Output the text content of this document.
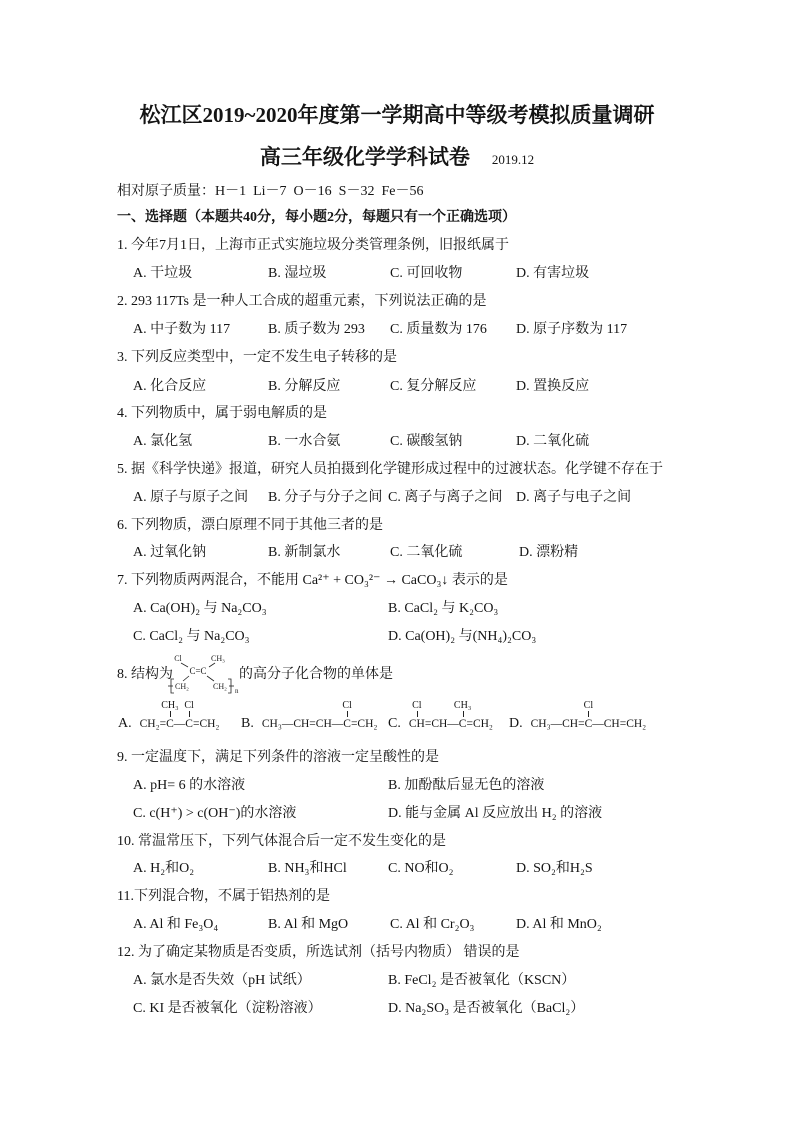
松江区2019~2020年度第一学期高中等级考模拟质量调研
高三年级化学学科试卷 2019.12
相对原子质量：H－1  Li－7  O－16  S－32  Fe－56
一、选择题（本题共40分，每小题2分，每题只有一个正确选项）
1. 今年7月1日，上海市正式实施垃圾分类管理条例，旧报纸属于
A. 干垃圾	B. 湿垃圾	C. 可回收物	D. 有害垃圾
2. 293 117Ts 是一种人工合成的超重元素，下列说法正确的是
A. 中子数为 117	B. 质子数为 293 C. 质量数为 176 D. 原子序数为 117
3. 下列反应类型中，一定不发生电子转移的是
A. 化合反应	B. 分解反应	C. 复分解反应	D. 置换反应
4. 下列物质中，属于弱电解质的是
A. 氯化氢	B. 一水合氨	C. 碳酸氢钠	D. 二氧化硫
5. 据《科学快递》报道，研究人员拍摄到化学键形成过程中的过渡状态。化学键不存在于
A. 原子与原子之间 B. 分子与分子之间 C. 离子与离子之间 D. 离子与电子之间
6. 下列物质，漂白原理不同于其他三者的是
A. 过氧化钠	B. 新制氯水	C. 二氧化硫	D. 漂粉精
7. 下列物质两两混合，不能用 Ca²⁺ + CO₃²⁻ → CaCO₃↓ 表示的是
A. Ca(OH)₂ 与 Na₂CO₃	B. CaCl₂ 与 K₂CO₃
C. CaCl₂ 与 Na₂CO₃	D. Ca(OH)₂ 与(NH₄)₂CO₃
8. 结构为
Cl	CH₃
C=C
CH₂	CH₂ n
的高分子化合物的单体是
A. CH₂=
CH₃
C —
Cl
C =CH₂ B. CH₃—CH=CH—
Cl
C =CH₂ C.
Cl
CH =CH—
CH₃
C =CH₂ D. CH₃—CH=
Cl
C —CH=CH₂
9. 一定温度下，满足下列条件的溶液一定呈酸性的是
A. pH= 6 的水溶液	B. 加酚酞后显无色的溶液
C. c(H⁺) > c(OH⁻)的水溶液	D. 能与金属 Al 反应放出 H₂ 的溶液
10. 常温常压下，下列气体混合后一定不发生变化的是
A. H₂和O₂	B. NH₃和HCl	C. NO和O₂	D. SO₂和H₂S
11.下列混合物，不属于铝热剂的是
A. Al 和 Fe₃O₄	B. Al 和 MgO	C. Al 和 Cr₂O₃	D. Al 和 MnO₂
12. 为了确定某物质是否变质，所选试剂（括号内物质） 错误的是
A. 氯水是否失效（pH 试纸）	B. FeCl₂ 是否被氧化（KSCN）
C. KI 是否被氧化（淀粉溶液）	D. Na₂SO₃ 是否被氧化（BaCl₂）
